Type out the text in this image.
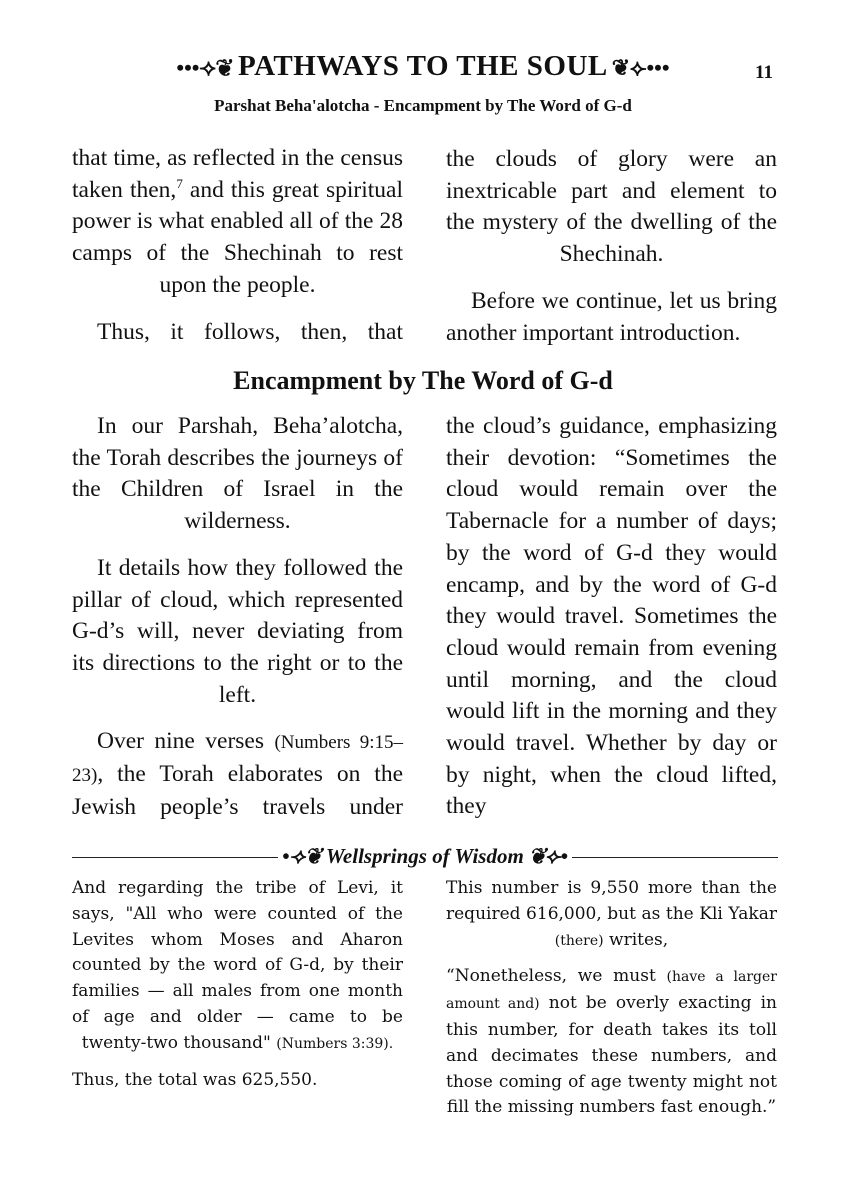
•••⟢❦ PATHWAYS TO THE SOUL ❦⟣•••	11
Parshat Beha'alotcha - Encampment by The Word of G-d

that time, as reflected in the census taken then,$^7$ and this great spiritual power is what enabled all of the 28 camps of the Shechinah to rest upon the people.

Thus, it follows, then, that

the clouds of glory were an inextricable part and element to the mystery of the dwelling of the Shechinah.

Before we continue, let us bring another important introduction.

Encampment by The Word of G-d

In our Parshah, Beha’alotcha, the Torah describes the journeys of the Children of Israel in the wilderness.

It details how they followed the pillar of cloud, which represented G-d’s will, never deviating from its directions to the right or to the left.

Over nine verses (Numbers 9:15–23), the Torah elaborates on the Jewish people’s travels under

the cloud’s guidance, emphasizing their devotion: “Sometimes the cloud would remain over the Tabernacle for a number of days; by the word of G-d they would encamp, and by the word of G-d they would travel. Sometimes the cloud would remain from evening until morning, and the cloud would lift in the morning and they would travel. Whether by day or by night, when the cloud lifted, they

•⟢❦ Wellsprings of Wisdom ❦⟣•

And regarding the tribe of Levi, it says, "All who were counted of the Levites whom Moses and Aharon counted by the word of G-d, by their families — all males from one month of age and older — came to be twenty-two thousand" (Numbers 3:39).

Thus, the total was 625,550.

This number is 9,550 more than the required 616,000, but as the Kli Yakar (there) writes,

“Nonetheless, we must (have a larger amount and) not be overly exacting in this number, for death takes its toll and decimates these numbers, and those coming of age twenty might not fill the missing numbers fast enough.”
